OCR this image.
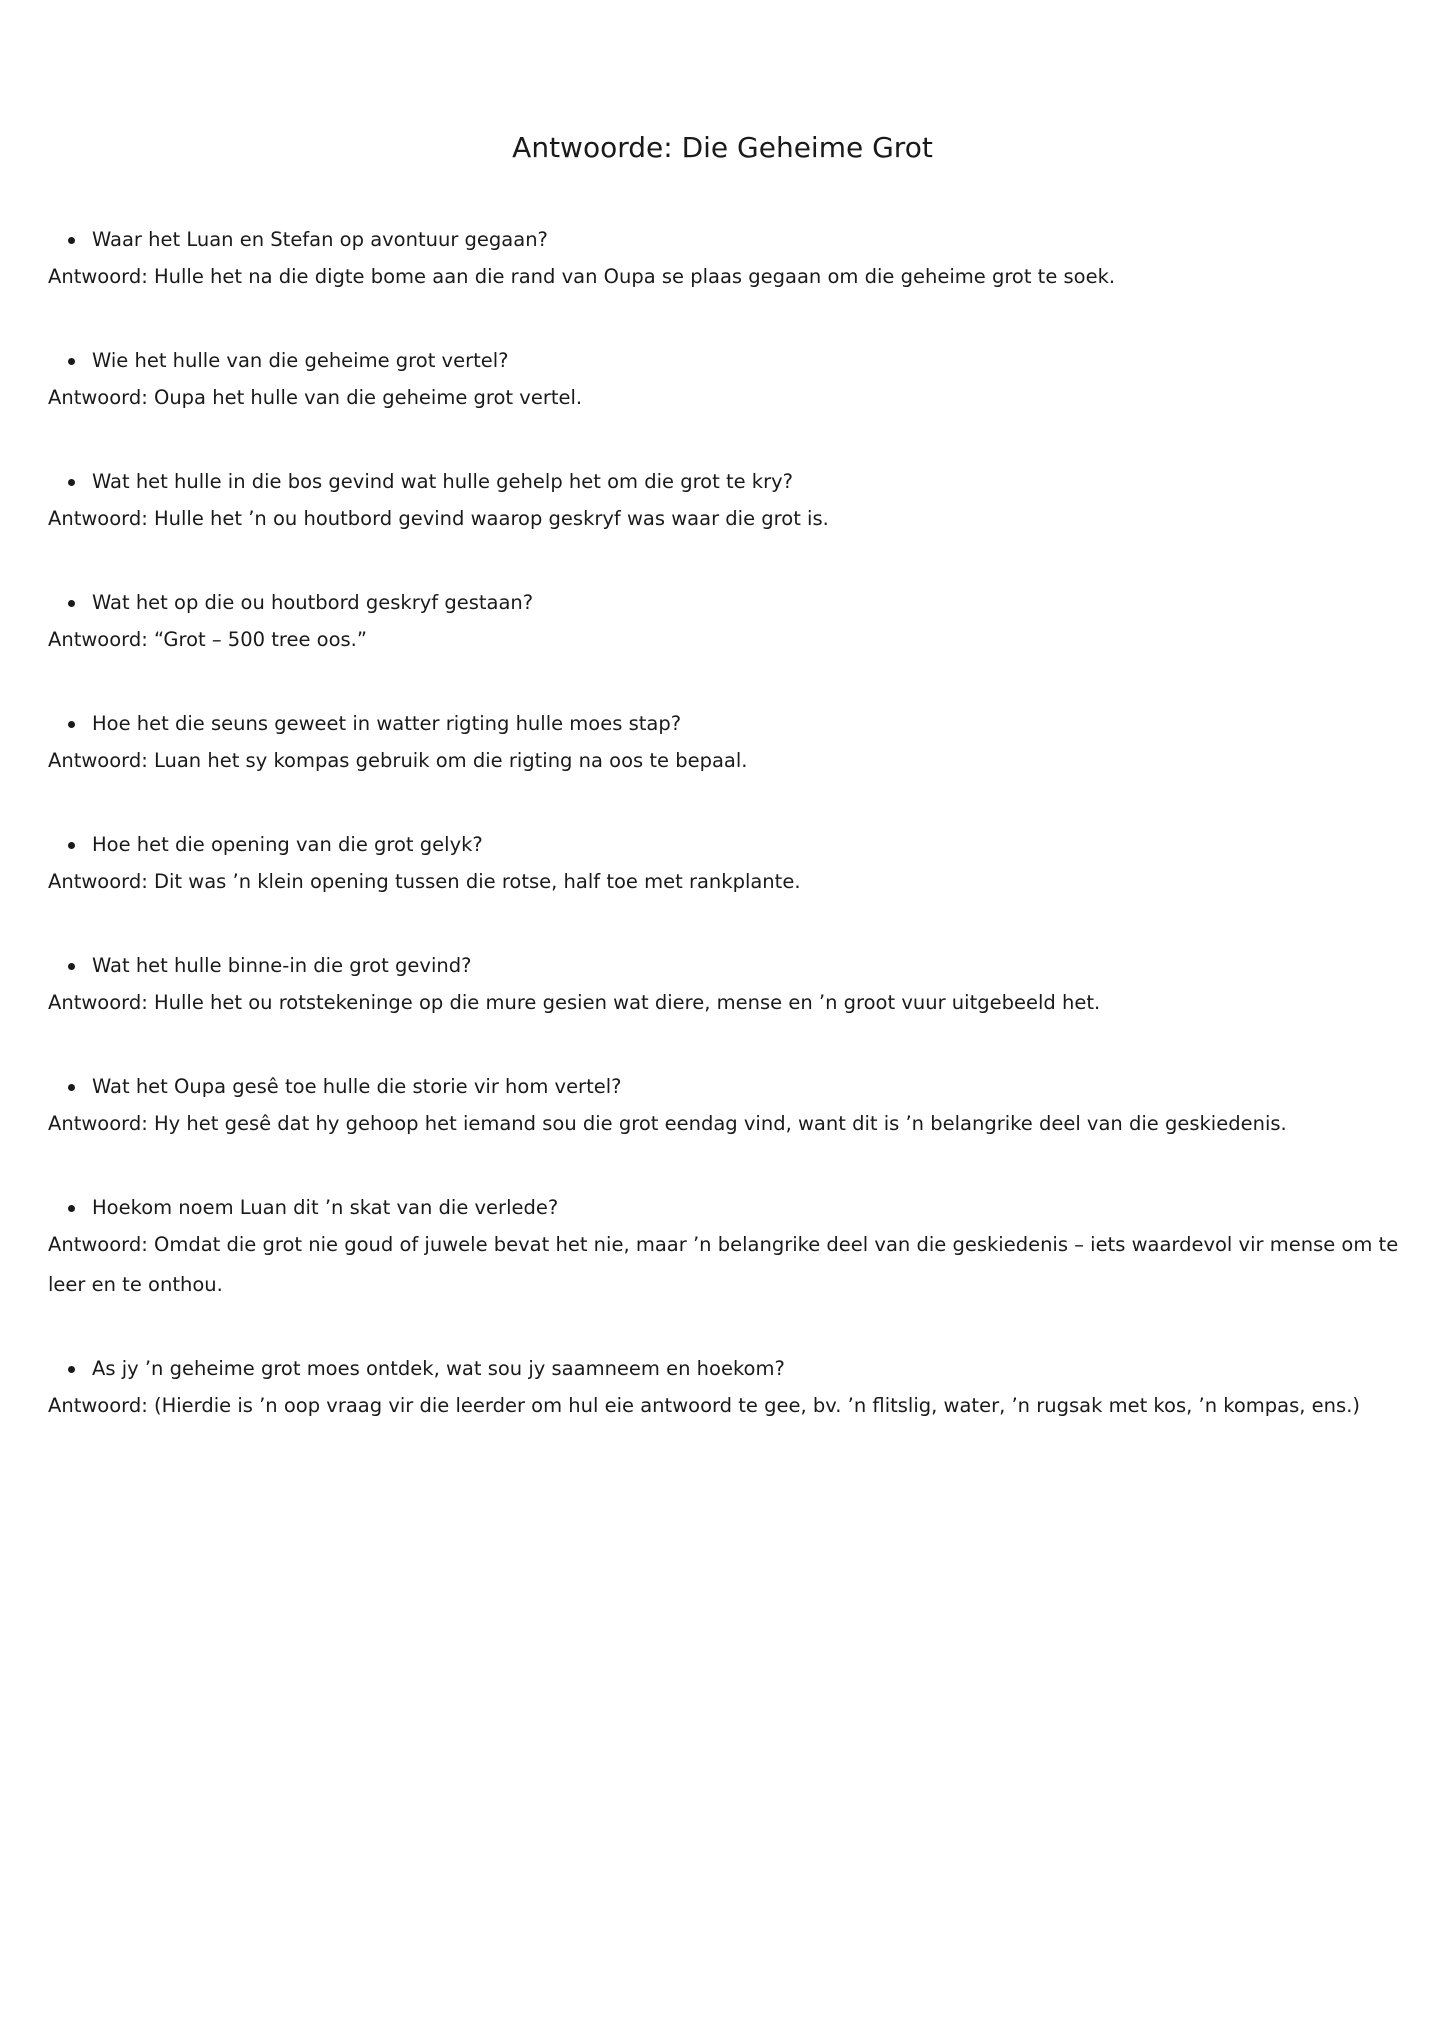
Antwoorde: Die Geheime Grot
Waar het Luan en Stefan op avontuur gegaan?

Antwoord: Hulle het na die digte bome aan die rand van Oupa se plaas gegaan om die geheime grot te soek.

Wie het hulle van die geheime grot vertel?

Antwoord: Oupa het hulle van die geheime grot vertel.

Wat het hulle in die bos gevind wat hulle gehelp het om die grot te kry?

Antwoord: Hulle het ’n ou houtbord gevind waarop geskryf was waar die grot is.

Wat het op die ou houtbord geskryf gestaan?

Antwoord: “Grot – 500 tree oos.”

Hoe het die seuns geweet in watter rigting hulle moes stap?

Antwoord: Luan het sy kompas gebruik om die rigting na oos te bepaal.

Hoe het die opening van die grot gelyk?

Antwoord: Dit was ’n klein opening tussen die rotse, half toe met rankplante.

Wat het hulle binne-in die grot gevind?

Antwoord: Hulle het ou rotstekeninge op die mure gesien wat diere, mense en ’n groot vuur uitgebeeld het.

Wat het Oupa gesê toe hulle die storie vir hom vertel?

Antwoord: Hy het gesê dat hy gehoop het iemand sou die grot eendag vind, want dit is ’n belangrike deel van die geskiedenis.

Hoekom noem Luan dit ’n skat van die verlede?

Antwoord: Omdat die grot nie goud of juwele bevat het nie, maar ’n belangrike deel van die geskiedenis – iets waardevol vir mense om te leer en te onthou.

As jy ’n geheime grot moes ontdek, wat sou jy saamneem en hoekom?

Antwoord: (Hierdie is ’n oop vraag vir die leerder om hul eie antwoord te gee, bv. ’n flitslig, water, ’n rugsak met kos, ’n kompas, ens.)
